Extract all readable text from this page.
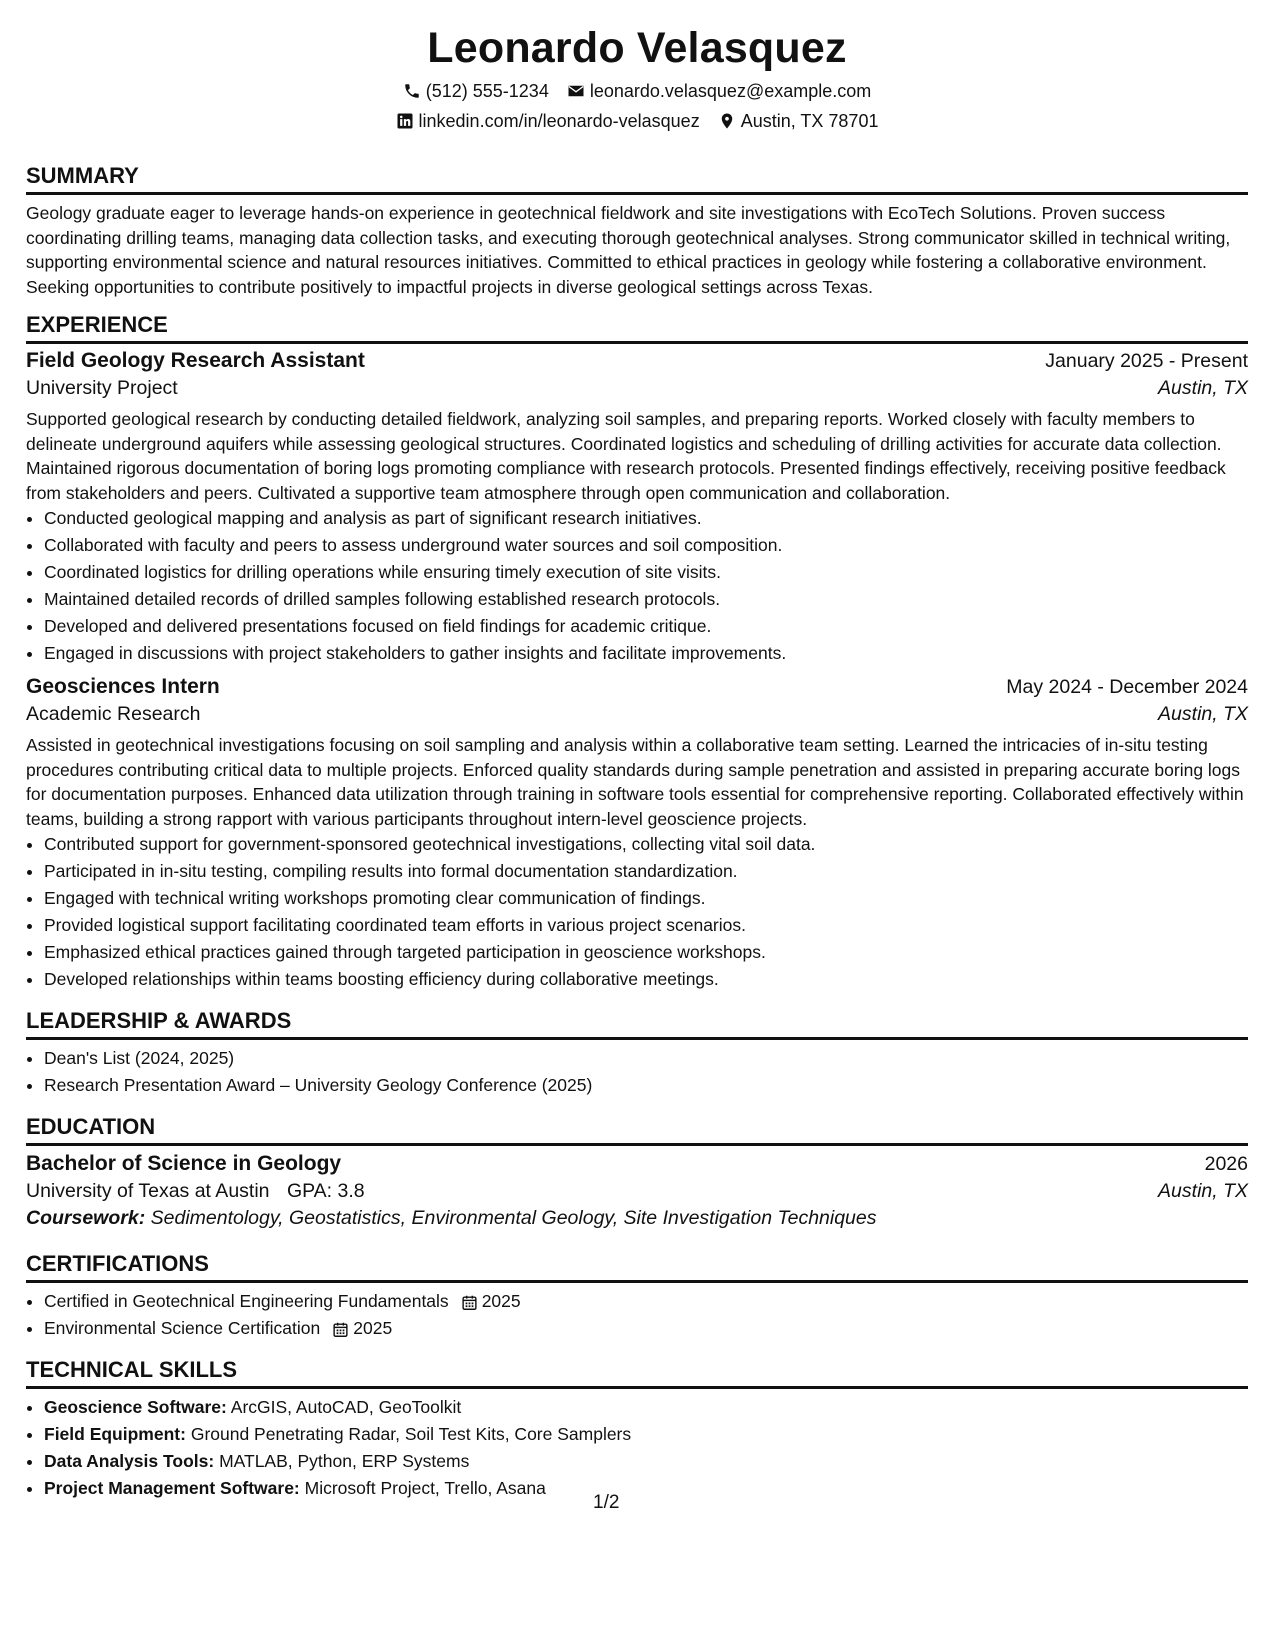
Leonardo Velasquez
(512) 555-1234 leonardo.velasquez@example.com
linkedin.com/in/leonardo-velasquez Austin, TX 78701
SUMMARY

Geology graduate eager to leverage hands-on experience in geotechnical fieldwork and site investigations with EcoTech Solutions. Proven success coordinating drilling teams, managing data collection tasks, and executing thorough geotechnical analyses. Strong communicator skilled in technical writing, supporting environmental science and natural resources initiatives. Committed to ethical practices in geology while fostering a collaborative environment. Seeking opportunities to contribute positively to impactful projects in diverse geological settings across Texas.

EXPERIENCE
Field Geology Research Assistant	January 2025 - Present
University Project	Austin, TX

Supported geological research by conducting detailed fieldwork, analyzing soil samples, and preparing reports. Worked closely with faculty members to delineate underground aquifers while assessing geological structures. Coordinated logistics and scheduling of drilling activities for accurate data collection. Maintained rigorous documentation of boring logs promoting compliance with research protocols. Presented findings effectively, receiving positive feedback from stakeholders and peers. Cultivated a supportive team atmosphere through open communication and collaboration.

• Conducted geological mapping and analysis as part of significant research initiatives.
• Collaborated with faculty and peers to assess underground water sources and soil composition.
• Coordinated logistics for drilling operations while ensuring timely execution of site visits.
• Maintained detailed records of drilled samples following established research protocols.
• Developed and delivered presentations focused on field findings for academic critique.
• Engaged in discussions with project stakeholders to gather insights and facilitate improvements.
Geosciences Intern	May 2024 - December 2024
Academic Research	Austin, TX

Assisted in geotechnical investigations focusing on soil sampling and analysis within a collaborative team setting. Learned the intricacies of in-situ testing procedures contributing critical data to multiple projects. Enforced quality standards during sample penetration and assisted in preparing accurate boring logs for documentation purposes. Enhanced data utilization through training in software tools essential for comprehensive reporting. Collaborated effectively within teams, building a strong rapport with various participants throughout intern-level geoscience projects.

• Contributed support for government-sponsored geotechnical investigations, collecting vital soil data.
• Participated in in-situ testing, compiling results into formal documentation standardization.
• Engaged with technical writing workshops promoting clear communication of findings.
• Provided logistical support facilitating coordinated team efforts in various project scenarios.
• Emphasized ethical practices gained through targeted participation in geoscience workshops.
• Developed relationships within teams boosting efficiency during collaborative meetings.
LEADERSHIP & AWARDS
• Dean's List (2024, 2025)
• Research Presentation Award – University Geology Conference (2025)
EDUCATION
Bachelor of Science in Geology	2026
University of Texas at Austin GPA: 3.8	Austin, TX
Coursework: Sedimentology, Geostatistics, Environmental Geology, Site Investigation Techniques
CERTIFICATIONS
• Certified in Geotechnical Engineering Fundamentals 2025
• Environmental Science Certification 2025
TECHNICAL SKILLS
• Geoscience Software: ArcGIS, AutoCAD, GeoToolkit
• Field Equipment: Ground Penetrating Radar, Soil Test Kits, Core Samplers
• Data Analysis Tools: MATLAB, Python, ERP Systems
• Project Management Software: Microsoft Project, Trello, Asana
1/2
